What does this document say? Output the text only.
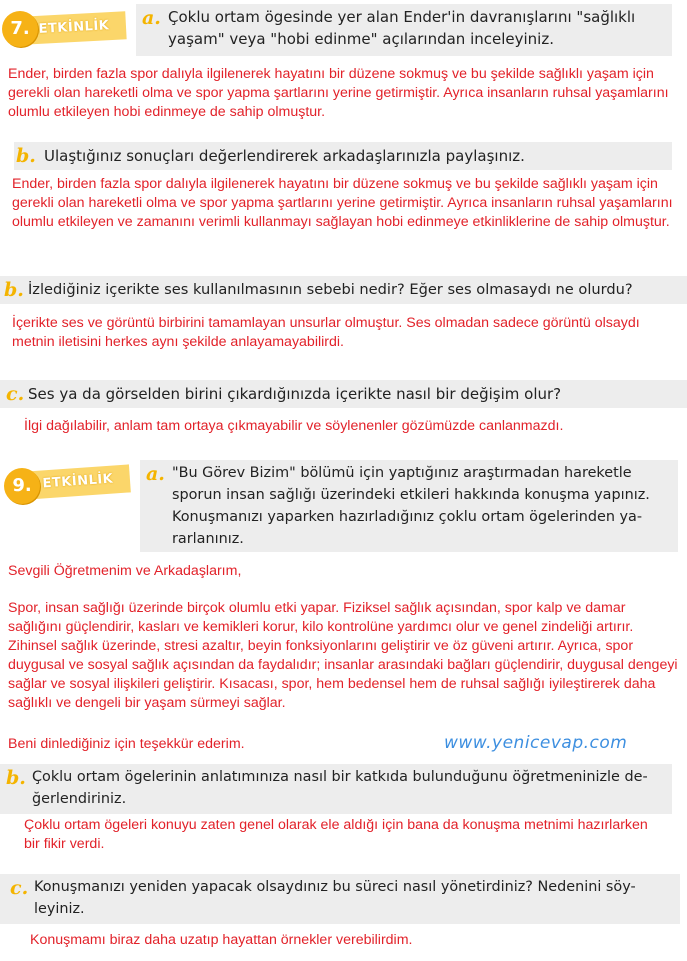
ETKİNLİK
7.	a. Çoklu ortam ögesinde yer alan Ender'in davranışlarını "sağlıklı
yaşam" veya "hobi edinme" açılarından inceleyiniz.
Ender, birden fazla spor dalıyla ilgilenerek hayatını bir düzene sokmuş ve bu şekilde sağlıklı yaşam için gerekli olan hareketli olma ve spor yapma şartlarını yerine getirmiştir. Ayrıca insanların ruhsal yaşamlarını olumlu etkileyen hobi edinmeye de sahip olmuştur.
b. Ulaştığınız sonuçları değerlendirerek arkadaşlarınızla paylaşınız.
Ender, birden fazla spor dalıyla ilgilenerek hayatını bir düzene sokmuş ve bu şekilde sağlıklı yaşam için gerekli olan hareketli olma ve spor yapma şartlarını yerine getirmiştir. Ayrıca insanların ruhsal yaşamlarını olumlu etkileyen ve zamanını verimli kullanmayı sağlayan hobi edinmeye etkinliklerine de sahip olmuştur.
b. İzlediğiniz içerikte ses kullanılmasının sebebi nedir? Eğer ses olmasaydı ne olurdu?
İçerikte ses ve görüntü birbirini tamamlayan unsurlar olmuştur. Ses olmadan sadece görüntü olsaydı metnin iletisini herkes aynı şekilde anlayamayabilirdi.
c. Ses ya da görselden birini çıkardığınızda içerikte nasıl bir değişim olur?
İlgi dağılabilir, anlam tam ortaya çıkmayabilir ve söylenenler gözümüzde canlanmazdı.
ETKİNLİK
9.
a. "Bu Görev Bizim" bölümü için yaptığınız araştırmadan hareketle
sporun insan sağlığı üzerindeki etkileri hakkında konuşma yapınız.
Konuşmanızı yaparken hazırladığınız çoklu ortam ögelerinden ya-
rarlanınız.
Sevgili Öğretmenim ve Arkadaşlarım,
Spor, insan sağlığı üzerinde birçok olumlu etki yapar. Fiziksel sağlık açısından, spor kalp ve damar sağlığını güçlendirir, kasları ve kemikleri korur, kilo kontrolüne yardımcı olur ve genel zindeliği artırır. Zihinsel sağlık üzerinde, stresi azaltır, beyin fonksiyonlarını geliştirir ve öz güveni artırır. Ayrıca, spor duygusal ve sosyal sağlık açısından da faydalıdır; insanlar arasındaki bağları güçlendirir, duygusal dengeyi sağlar ve sosyal ilişkileri geliştirir. Kısacası, spor, hem bedensel hem de ruhsal sağlığı iyileştirerek daha sağlıklı ve dengeli bir yaşam sürmeyi sağlar.
Beni dinlediğiniz için teşekkür ederim.	www.yenicevap.com
b. Çoklu ortam ögelerinin anlatımınıza nasıl bir katkıda bulunduğunu öğretmeninizle de-
ğerlendiriniz.
Çoklu ortam ögeleri konuyu zaten genel olarak ele aldığı için bana da konuşma metnimi hazırlarken bir fikir verdi.
c. Konuşmanızı yeniden yapacak olsaydınız bu süreci nasıl yönetirdiniz? Nedenini söy-
leyiniz.
Konuşmamı biraz daha uzatıp hayattan örnekler verebilirdim.
